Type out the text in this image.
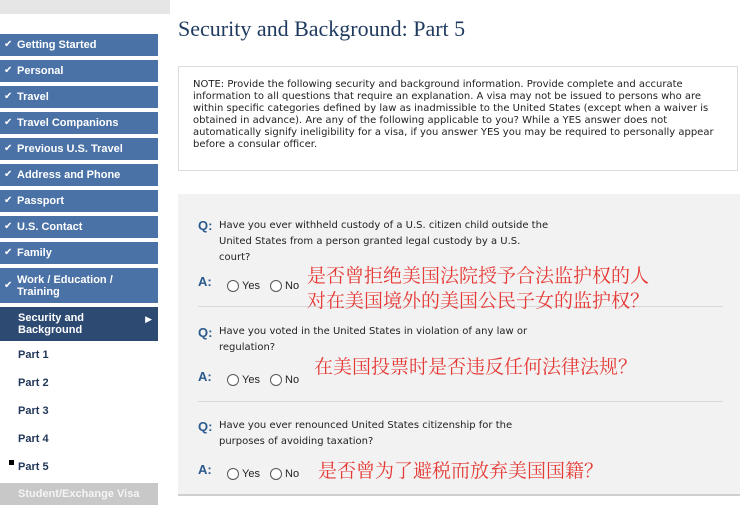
✔ Getting Started
✔ Personal
✔ Travel
✔ Travel Companions
✔ Previous U.S. Travel
✔ Address and Phone
✔ Passport
✔ U.S. Contact
✔ Family
✔ Work / Education / Training
Security and Background
▶
Part 1
Part 2
Part 3
Part 4
Part 5
Student/Exchange Visa
Security and Background: Part 5
NOTE: Provide the following security and background information. Provide complete and accurate information to all questions that require an explanation. A visa may not be issued to persons who are within specific categories defined by law as inadmissible to the United States (except when a waiver is obtained in advance). Are any of the following applicable to you? While a YES answer does not automatically signify ineligibility for a visa, if you answer YES you may be required to personally appear before a consular officer.
Q: Have you ever withheld custody of a U.S. citizen child outside the United States from a person granted legal custody by a U.S. court?
A:	Yes No
Q: Have you voted in the United States in violation of any law or regulation?
A:	Yes No
Q: Have you ever renounced United States citizenship for the purposes of avoiding taxation?
A:	Yes No
是否曾拒绝美国法院授予合法监护权的人
对在美国境外的美国公民子女的监护权？
在美国投票时是否违反任何法律法规？
是否曾为了避税而放弃美国国籍？
